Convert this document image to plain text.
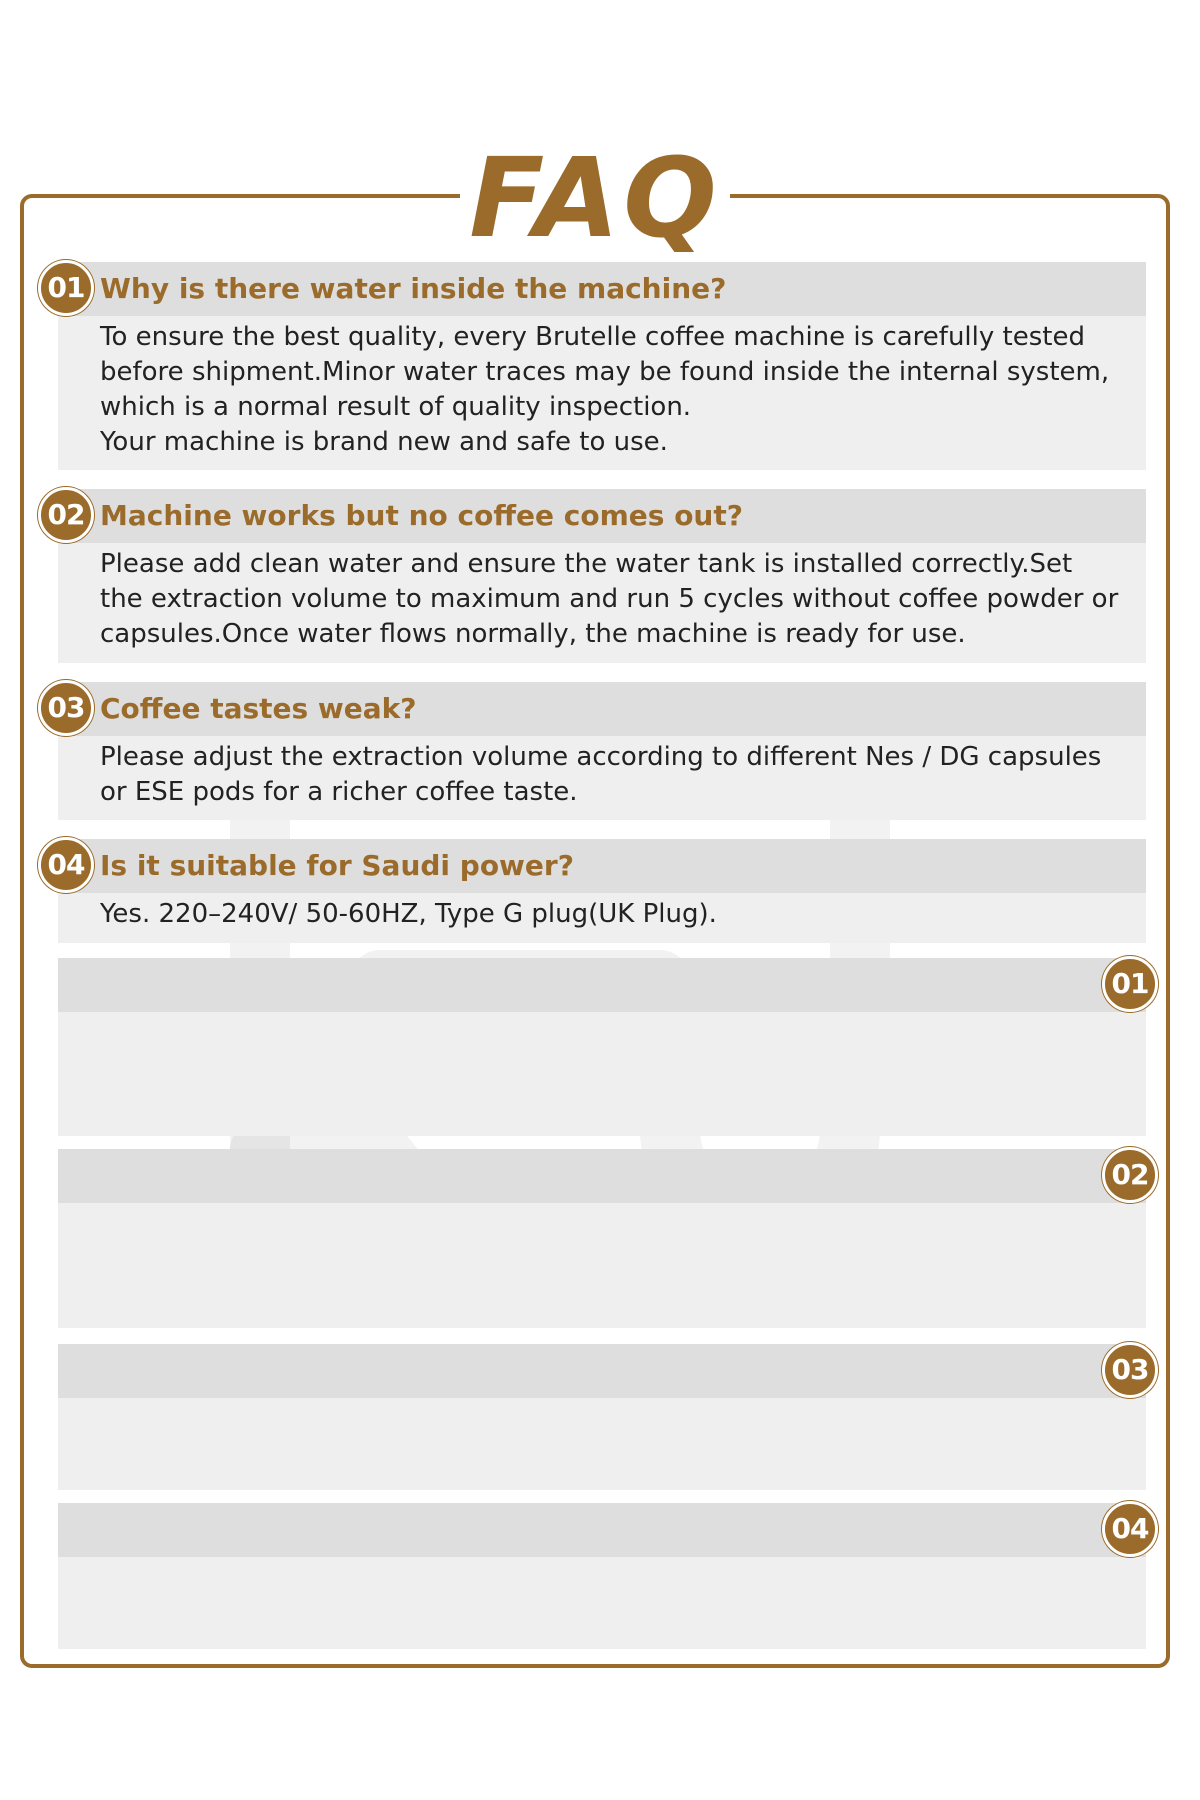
FAQ
01 Why is there water inside the machine?
To ensure the best quality, every Brutelle coffee machine is carefully tested
before shipment.Minor water traces may be found inside the internal system,
which is a normal result of quality inspection.
Your machine is brand new and safe to use.
02 Machine works but no coffee comes out?
Please add clean water and ensure the water tank is installed correctly.Set
the extraction volume to maximum and run 5 cycles without coffee powder or
capsules.Once water flows normally, the machine is ready for use.
03 Coffee tastes weak?
Please adjust the extraction volume according to different Nes / DG capsules
or ESE pods for a richer coffee taste.
04 Is it suitable for Saudi power?
Yes. 220–240V/ 50-60HZ, Type G plug(UK Plug).
01
02
03
04
